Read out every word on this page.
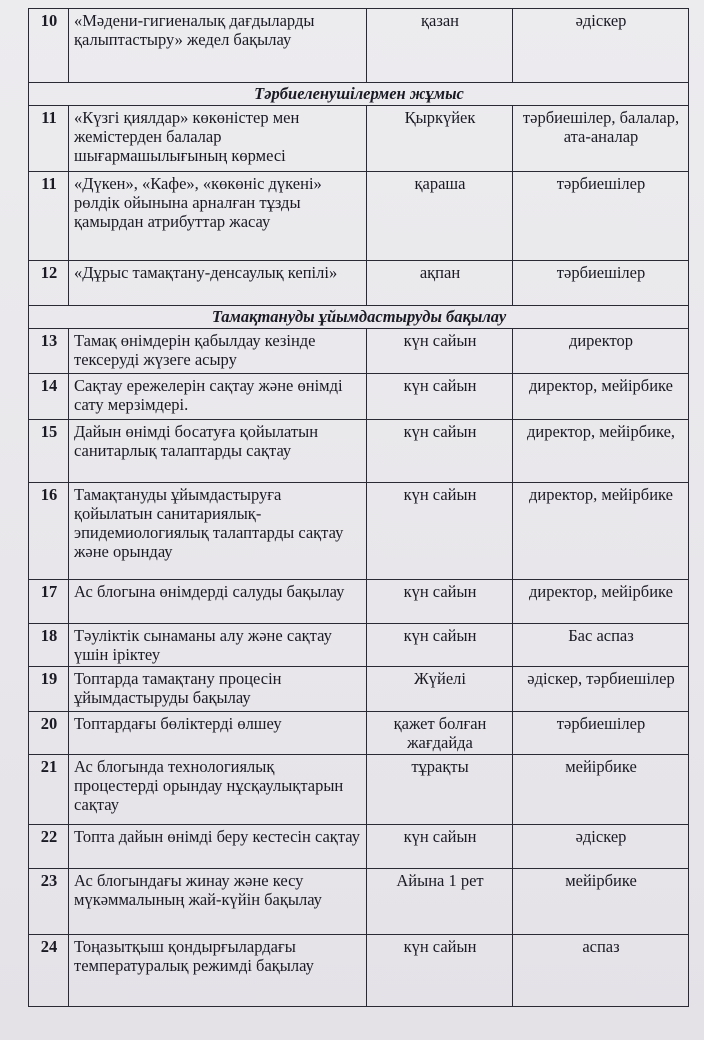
10	«Мәдени-гигиеналық дағдыларды қалыптастыру» жедел бақылау	қазан	әдіскер
Тәрбиеленушілермен жұмыс			
11	«Күзгі қиялдар» көкөністер мен жемістерден балалар шығармашылығының көрмесі	Қыркүйек	тәрбиешілер, балалар, ата-аналар
11	«Дүкен», «Кафе», «көкөніс дүкені» рөлдік ойынына арналған тұзды қамырдан атрибуттар жасау	қараша	тәрбиешілер
12	«Дұрыс тамақтану-денсаулық кепілі»	ақпан	тәрбиешілер
Тамақтануды ұйымдастыруды бақылау			
13	Тамақ өнімдерін қабылдау кезінде тексеруді жүзеге асыру	күн сайын	директор
14	Сақтау ережелерін сақтау және өнімді сату мерзімдері.	күн сайын	директор, мейірбике
15	Дайын өнімді босатуға қойылатын санитарлық талаптарды сақтау	күн сайын	директор, мейірбике,
16	Тамақтануды ұйымдастыруға қойылатын санитариялық-эпидемиологиялық талаптарды сақтау және орындау	күн сайын	директор, мейірбике
17	Ас блогына өнімдерді салуды бақылау	күн сайын	директор, мейірбике
18	Тәуліктік сынаманы алу және сақтау үшін іріктеу	күн сайын	Бас аспаз
19	Топтарда тамақтану процесін ұйымдастыруды бақылау	Жүйелі	әдіскер, тәрбиешілер
20	Топтардағы бөліктерді өлшеу	қажет болған жағдайда	тәрбиешілер
21	Ас блогында технологиялық процестерді орындау нұсқаулықтарын сақтау	тұрақты	мейірбике
22	Топта дайын өнімді беру кестесін сақтау	күн сайын	әдіскер
23	Ас блогындағы жинау және кесу мүкәммалының жай-күйін бақылау	Айына 1 рет	мейірбике
24	Тоңазытқыш қондырғылардағы температуралық режимді бақылау	күн сайын	аспаз
